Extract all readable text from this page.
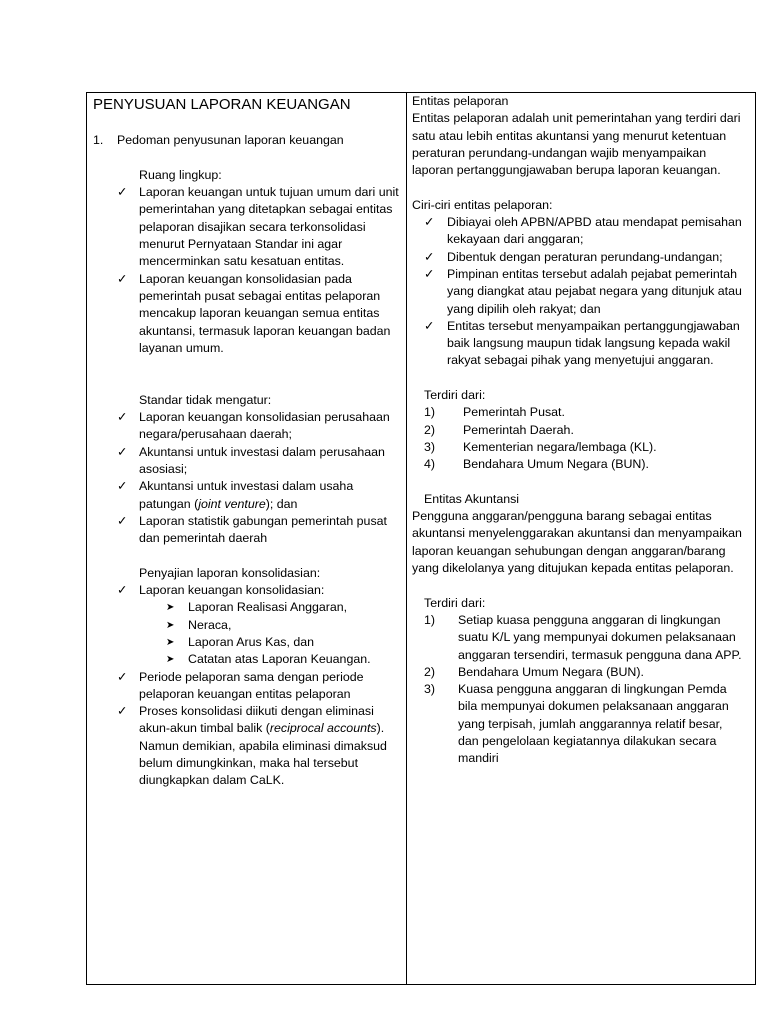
PENYUSUAN LAPORAN KEUANGAN
1. Pedoman penyusunan laporan keuangan
Ruang lingkup:
✓ Laporan keuangan untuk tujuan umum dari unit pemerintahan yang ditetapkan sebagai entitas pelaporan disajikan secara terkonsolidasi menurut Pernyataan Standar ini agar mencerminkan satu kesatuan entitas.
✓ Laporan keuangan konsolidasian pada pemerintah pusat sebagai entitas pelaporan mencakup laporan keuangan semua entitas akuntansi, termasuk laporan keuangan badan layanan umum.
Standar tidak mengatur:
✓ Laporan keuangan konsolidasian perusahaan negara/perusahaan daerah;
✓ Akuntansi untuk investasi dalam perusahaan asosiasi;
✓ Akuntansi untuk investasi dalam usaha patungan (joint venture); dan
✓ Laporan statistik gabungan pemerintah pusat dan pemerintah daerah
Penyajian laporan konsolidasian:
✓ Laporan keuangan konsolidasian:
➤ Laporan Realisasi Anggaran,
➤ Neraca,
➤ Laporan Arus Kas, dan
➤ Catatan atas Laporan Keuangan.
✓ Periode pelaporan sama dengan periode pelaporan keuangan entitas pelaporan
✓ Proses konsolidasi diikuti dengan eliminasi akun-akun timbal balik (reciprocal accounts). Namun demikian, apabila eliminasi dimaksud belum dimungkinkan, maka hal tersebut diungkapkan dalam CaLK.
Entitas pelaporan
Entitas pelaporan adalah unit pemerintahan yang terdiri dari satu atau lebih entitas akuntansi yang menurut ketentuan peraturan perundang-undangan wajib menyampaikan laporan pertanggungjawaban berupa laporan keuangan.
Ciri-ciri entitas pelaporan:
✓ Dibiayai oleh APBN/APBD atau mendapat pemisahan kekayaan dari anggaran;
✓ Dibentuk dengan peraturan perundang-undangan;
✓ Pimpinan entitas tersebut adalah pejabat pemerintah yang diangkat atau pejabat negara yang ditunjuk atau yang dipilih oleh rakyat; dan
✓ Entitas tersebut menyampaikan pertanggungjawaban baik langsung maupun tidak langsung kepada wakil rakyat sebagai pihak yang menyetujui anggaran.
Terdiri dari:
1) Pemerintah Pusat.
2) Pemerintah Daerah.
3) Kementerian negara/lembaga (KL).
4) Bendahara Umum Negara (BUN).
Entitas Akuntansi
Pengguna anggaran/pengguna barang sebagai entitas akuntansi menyelenggarakan akuntansi dan menyampaikan laporan keuangan sehubungan dengan anggaran/barang yang dikelolanya yang ditujukan kepada entitas pelaporan.
Terdiri dari:
1) Setiap kuasa pengguna anggaran di lingkungan suatu K/L yang mempunyai dokumen pelaksanaan anggaran tersendiri, termasuk pengguna dana APP.
2) Bendahara Umum Negara (BUN).
3) Kuasa pengguna anggaran di lingkungan Pemda bila mempunyai dokumen pelaksanaan anggaran yang terpisah, jumlah anggarannya relatif besar, dan pengelolaan kegiatannya dilakukan secara mandiri
